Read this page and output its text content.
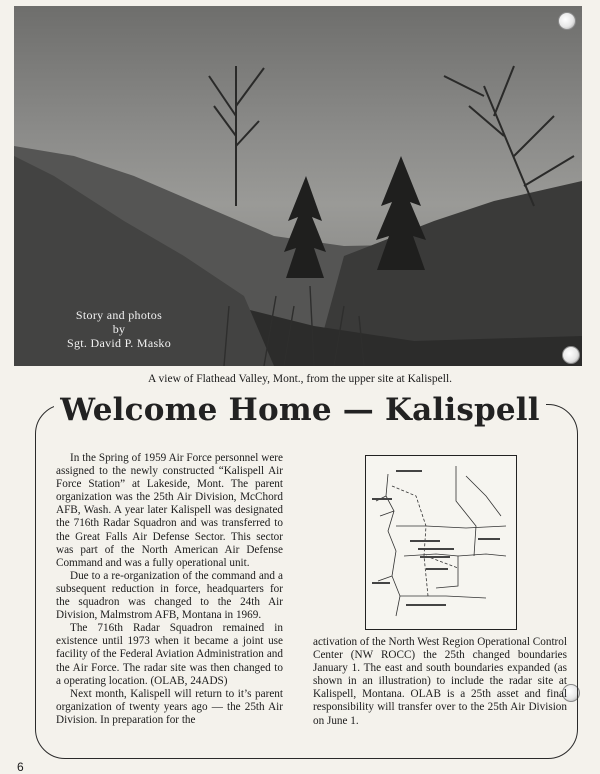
Story and photos
by
Sgt. David P. Masko
A view of Flathead Valley, Mont., from the upper site at Kalispell.
Welcome Home — Kalispell

In the Spring of 1959 Air Force personnel were assigned to the newly constructed “Kalispell Air Force Station” at Lakeside, Mont. The parent organization was the 25th Air Division, McChord AFB, Wash. A year later Kalispell was designated the 716th Radar Squadron and was transferred to the Great Falls Air Defense Sector. This sector was part of the North American Air Defense Command and was a fully operational unit.

Due to a re-organization of the command and a subsequent reduction in force, headquarters for the squadron was changed to the 24th Air Division, Malmstrom AFB, Montana in 1969.

The 716th Radar Squadron remained in existence until 1973 when it became a joint use facility of the Federal Aviation Administration and the Air Force. The radar site was then changed to a operating location. (OLAB, 24ADS)

Next month, Kalispell will return to it’s parent organization of twenty years ago — the 25th Air Division. In preparation for the

activation of the North West Region Operational Control Center (NW ROCC) the 25th changed boundaries January 1. The east and south boundaries expanded (as shown in an illustration) to include the radar site at Kalispell, Montana. OLAB is a 25th asset and final responsibility will transfer over to the 25th Air Division on June 1.

6
